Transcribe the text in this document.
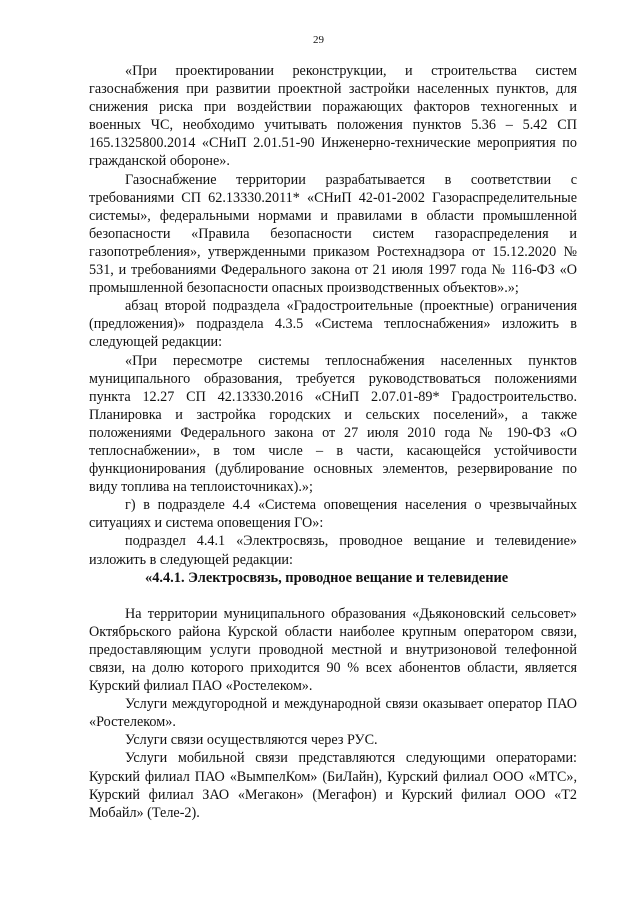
29

«При проектировании реконструкции, и строительства систем газоснабжения при развитии проектной застройки населенных пунктов, для снижения риска при воздействии поражающих факторов техногенных и военных ЧС, необходимо учитывать положения пунктов 5.36 – 5.42 СП 165.1325800.2014 «СНиП 2.01.51-90 Инженерно-технические мероприятия по гражданской обороне».

Газоснабжение территории разрабатывается в соответствии с требованиями СП 62.13330.2011* «СНиП 42-01-2002 Газораспределительные системы», федеральными нормами и правилами в области промышленной безопасности «Правила безопасности систем газораспределения и газопотребления», утвержденными приказом Ростехнадзора от 15.12.2020 № 531, и требованиями Федерального закона от 21 июля 1997 года № 116-ФЗ «О промышленной безопасности опасных производственных объектов».»;

абзац второй подраздела «Градостроительные (проектные) ограничения (предложения)» подраздела 4.3.5 «Система теплоснабжения» изложить в следующей редакции:

«При пересмотре системы теплоснабжения населенных пунктов муниципального образования, требуется руководствоваться положениями пункта 12.27 СП 42.13330.2016 «СНиП 2.07.01-89* Градостроительство. Планировка и застройка городских и сельских поселений», а также положениями Федерального закона от 27 июля 2010 года № 190-ФЗ «О теплоснабжении», в том числе – в части, касающейся устойчивости функционирования (дублирование основных элементов, резервирование по виду топлива на теплоисточниках).»;

г) в подразделе 4.4 «Система оповещения населения о чрезвычайных ситуациях и система оповещения ГО»:

подраздел 4.4.1 «Электросвязь, проводное вещание и телевидение» изложить в следующей редакции:

«4.4.1. Электросвязь, проводное вещание и телевидение

На территории муниципального образования «Дьяконовский сельсовет» Октябрьского района Курской области наиболее крупным оператором связи, предоставляющим услуги проводной местной и внутризоновой телефонной связи, на долю которого приходится 90 % всех абонентов области, является Курский филиал ПАО «Ростелеком».

Услуги междугородной и международной связи оказывает оператор ПАО «Ростелеком».

Услуги связи осуществляются через РУС.

Услуги мобильной связи представляются следующими операторами: Курский филиал ПАО «ВымпелКом» (БиЛайн), Курский филиал ООО «МТС», Курский филиал ЗАО «Мегакон» (Мегафон) и Курский филиал ООО «Т2 Мобайл» (Теле-2).
